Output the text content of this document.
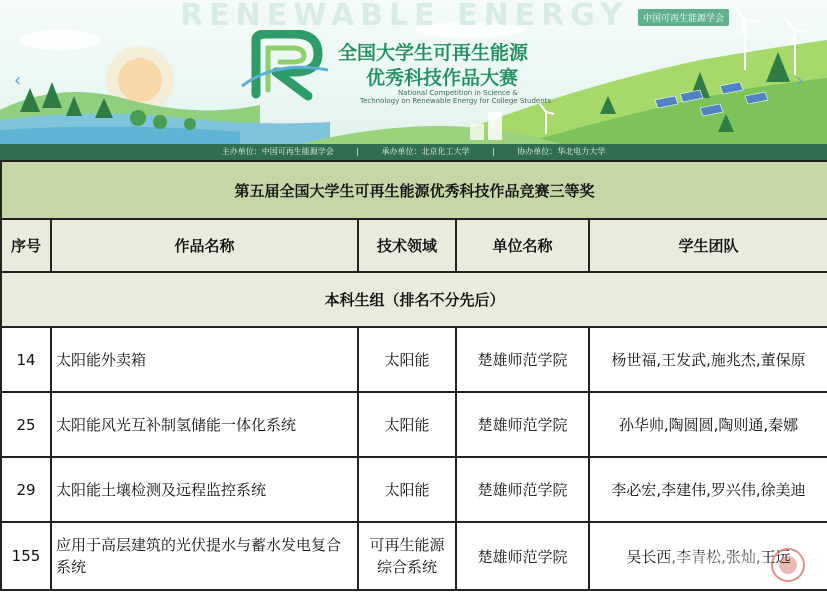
RENEWABLE ENERGY	中国可再生能源学会
全国大学生可再生能源
优秀科技作品大赛
National Competition in Science &
Technology on Renewable Energy for College Students
‹	›
主办单位：中国可再生能源学会	|	承办单位：北京化工大学	|	协办单位：华北电力大学
第五届全国大学生可再生能源优秀科技作品竞赛三等奖				
序号	作品名称	技术领域	单位名称	学生团队
本科生组（排名不分先后）				
14	太阳能外卖箱	太阳能	楚雄师范学院	杨世福,王发武,施兆杰,董保原
25	太阳能风光互补制氢储能一体化系统	太阳能	楚雄师范学院	孙华帅,陶圆圆,陶则通,秦娜
29	太阳能土壤检测及远程监控系统	太阳能	楚雄师范学院	李必宏,李建伟,罗兴伟,徐美迪
155	应用于高层建筑的光伏提水与蓄水发电复合系统	可再生能源综合系统	楚雄师范学院	吴长西,李青松,张灿,王远
